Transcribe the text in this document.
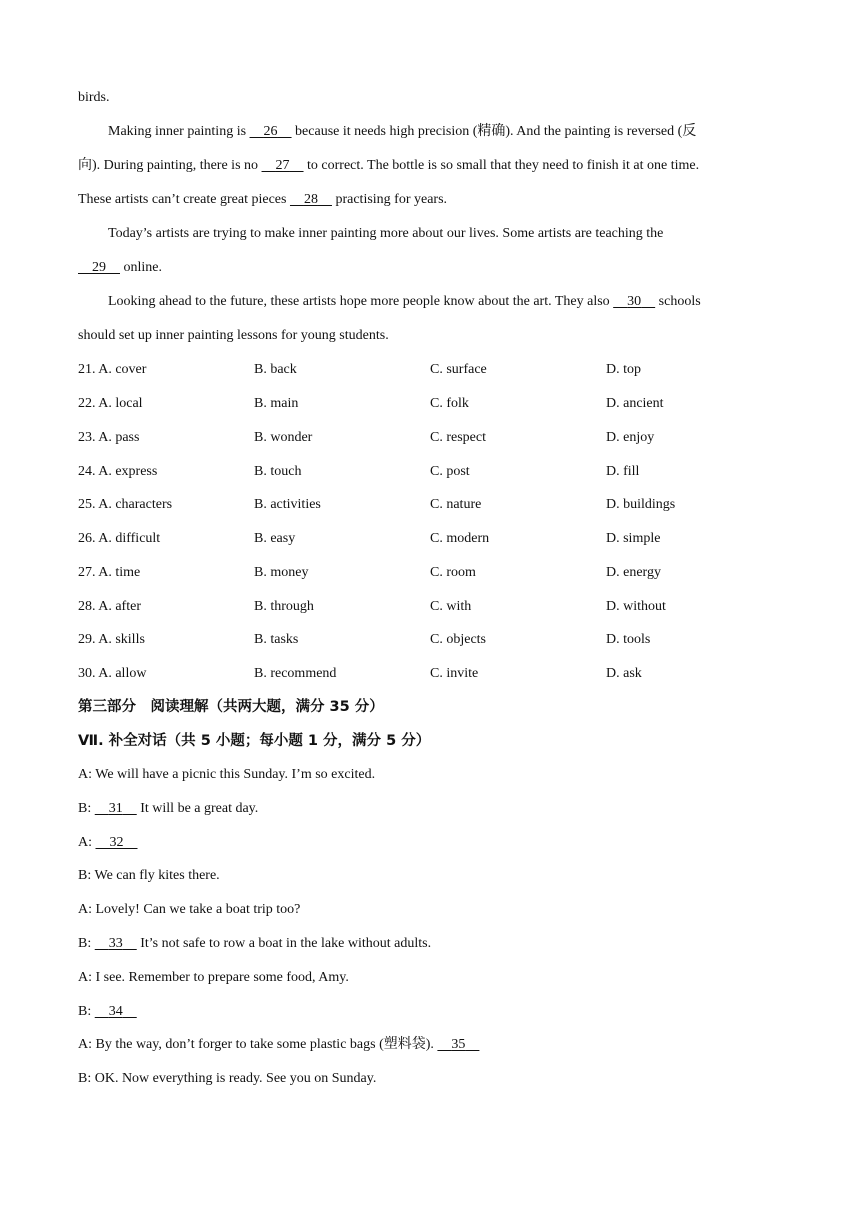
birds.
Making inner painting is     26     because it needs high precision (精确). And the painting is reversed (反
向). During painting, there is no     27     to correct. The bottle is so small that they need to finish it at one time.
These artists can’t create great pieces     28     practising for years.
Today’s artists are trying to make inner painting more about our lives. Some artists are teaching the
29     online.
Looking ahead to the future, these artists hope more people know about the art. They also     30     schools
should set up inner painting lessons for young students.
21. A. cover	B. back	C. surface	D. top
22. A. local	B. main	C. folk	D. ancient
23. A. pass	B. wonder	C. respect	D. enjoy
24. A. express	B. touch	C. post	D. fill
25. A. characters	B. activities	C. nature	D. buildings
26. A. difficult	B. easy	C. modern	D. simple
27. A. time	B. money	C. room	D. energy
28. A. after	B. through	C. with	D. without
29. A. skills	B. tasks	C. objects	D. tools
30. A. allow	B. recommend	C. invite	D. ask
第三部分　阅读理解（共两大题，满分 35 分）
Ⅶ. 补全对话（共 5 小题；每小题 1 分，满分 5 分）
A: We will have a picnic this Sunday. I’m so excited.
B:     31     It will be a great day.
A:     32
B: We can fly kites there.
A: Lovely! Can we take a boat trip too?
B:     33     It’s not safe to row a boat in the lake without adults.
A: I see. Remember to prepare some food, Amy.
B:     34
A: By the way, don’t forger to take some plastic bags (塑料袋).     35
B: OK. Now everything is ready. See you on Sunday.
